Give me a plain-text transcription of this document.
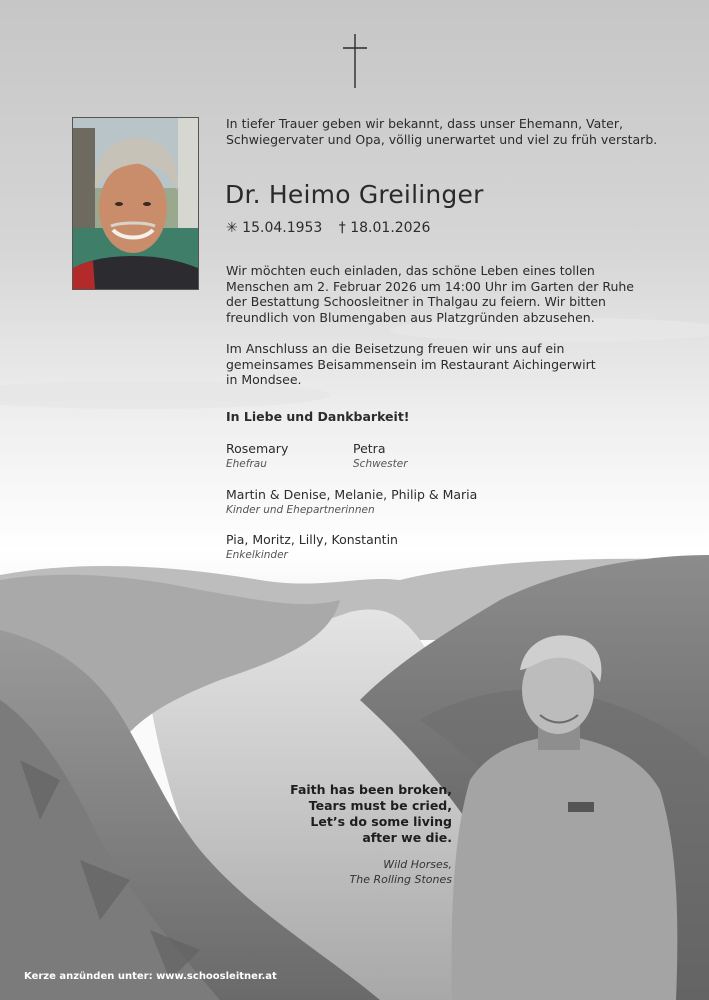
In tiefer Trauer geben wir bekannt, dass unser Ehemann, Vater,
Schwiegervater und Opa, völlig unerwartet und viel zu früh verstarb.
Dr. Heimo Greilinger
✳ 15.04.1953 † 18.01.2026
Wir möchten euch einladen, das schöne Leben eines tollen
Menschen am 2. Februar 2026 um 14:00 Uhr im Garten der Ruhe
der Bestattung Schoosleitner in Thalgau zu feiern. Wir bitten
freundlich von Blumengaben aus Platzgründen abzusehen.
Im Anschluss an die Beisetzung freuen wir uns auf ein
gemeinsames Beisammensein im Restaurant Aichingerwirt
in Mondsee.
In Liebe und Dankbarkeit!
Rosemary
Ehefrau
Petra
Schwester
Martin & Denise, Melanie, Philip & Maria
Kinder und Ehepartnerinnen
Pia, Moritz, Lilly, Konstantin
Enkelkinder
Faith has been broken,
Tears must be cried,
Let’s do some living
after we die.
Wild Horses,
The Rolling Stones
Kerze anzünden unter: www.schoosleitner.at
